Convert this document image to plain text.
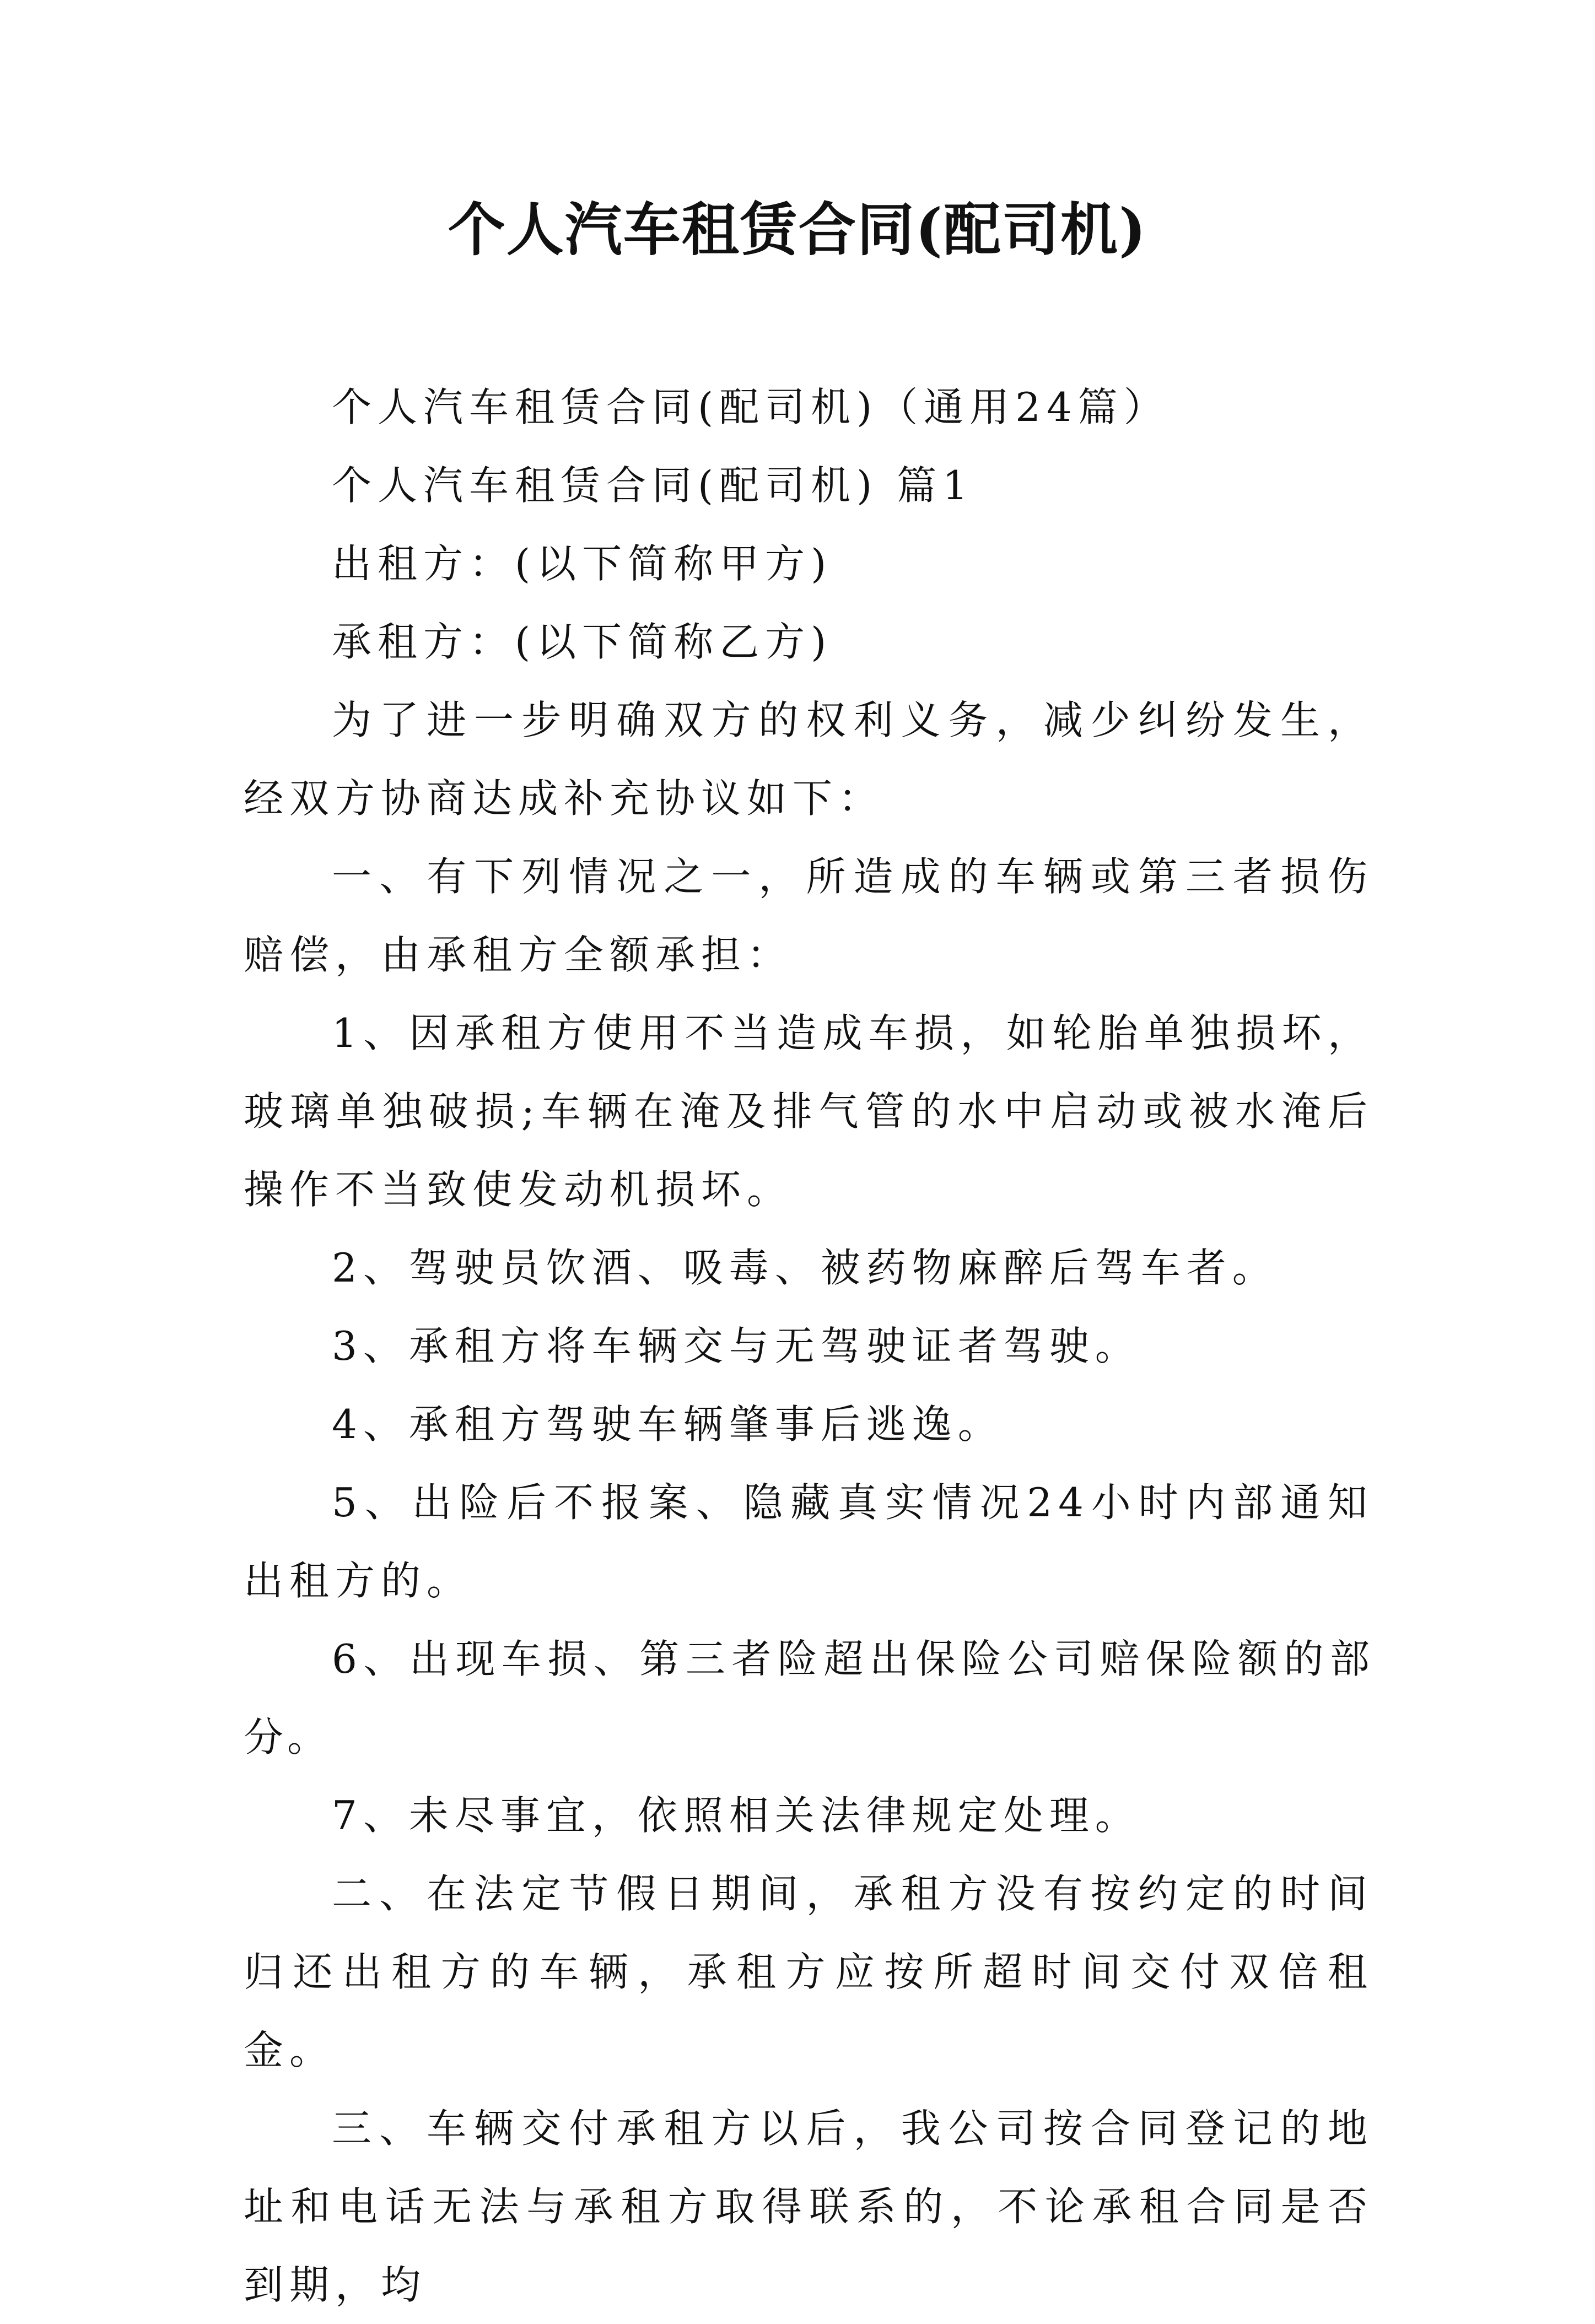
个人汽车租赁合同(配司机)

个人汽车租赁合同(配司机)（通用24篇）

个人汽车租赁合同(配司机) 篇1

出租方：(以下简称甲方)

承租方：(以下简称乙方)

为了进一步明确双方的权利义务，减少纠纷发生，经双方协商达成补充协议如下：

一、有下列情况之一，所造成的车辆或第三者损伤赔偿，由承租方全额承担：

1、因承租方使用不当造成车损，如轮胎单独损坏，玻璃单独破损;车辆在淹及排气管的水中启动或被水淹后操作不当致使发动机损坏。

2、驾驶员饮酒、吸毒、被药物麻醉后驾车者。

3、承租方将车辆交与无驾驶证者驾驶。

4、承租方驾驶车辆肇事后逃逸。

5、出险后不报案、隐藏真实情况24小时内部通知出租方的。

6、出现车损、第三者险超出保险公司赔保险额的部分。

7、未尽事宜，依照相关法律规定处理。

二、在法定节假日期间，承租方没有按约定的时间归还出租方的车辆，承租方应按所超时间交付双倍租金。

三、车辆交付承租方以后，我公司按合同登记的地址和电话无法与承租方取得联系的，不论承租合同是否到期，均
